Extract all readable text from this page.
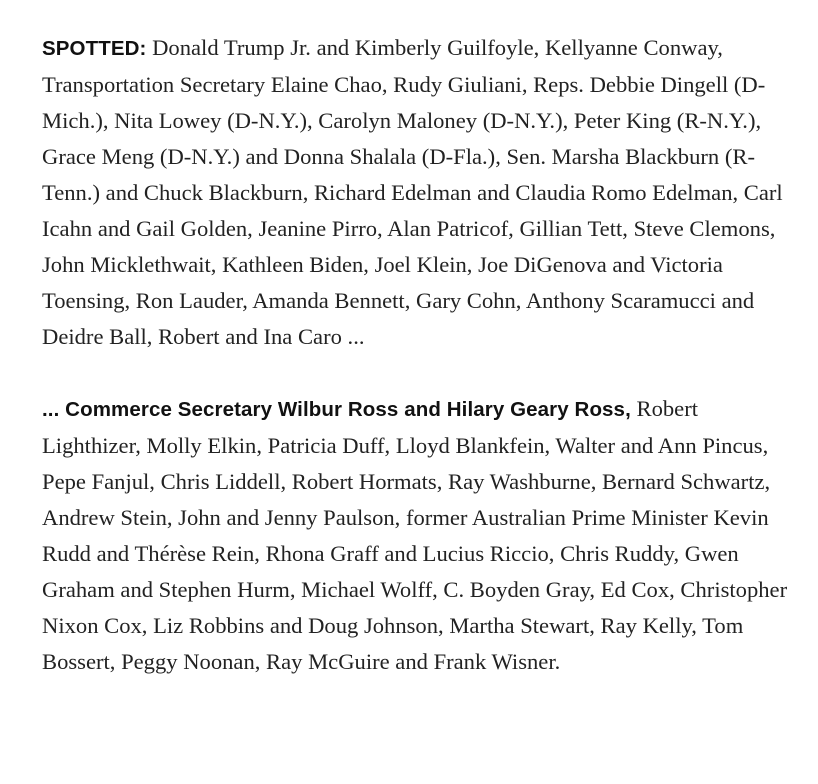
SPOTTED: Donald Trump Jr. and Kimberly Guilfoyle, Kellyanne Conway, Transportation Secretary Elaine Chao, Rudy Giuliani, Reps. Debbie Dingell (D-Mich.), Nita Lowey (D-N.Y.), Carolyn Maloney (D-N.Y.), Peter King (R-N.Y.), Grace Meng (D-N.Y.) and Donna Shalala (D-Fla.), Sen. Marsha Blackburn (R-Tenn.) and Chuck Blackburn, Richard Edelman and Claudia Romo Edelman, Carl Icahn and Gail Golden, Jeanine Pirro, Alan Patricof, Gillian Tett, Steve Clemons, John Micklethwait, Kathleen Biden, Joel Klein, Joe DiGenova and Victoria Toensing, Ron Lauder, Amanda Bennett, Gary Cohn, Anthony Scaramucci and Deidre Ball, Robert and Ina Caro ...

... Commerce Secretary Wilbur Ross and Hilary Geary Ross, Robert Lighthizer, Molly Elkin, Patricia Duff, Lloyd Blankfein, Walter and Ann Pincus, Pepe Fanjul, Chris Liddell, Robert Hormats, Ray Washburne, Bernard Schwartz, Andrew Stein, John and Jenny Paulson, former Australian Prime Minister Kevin Rudd and Thérèse Rein, Rhona Graff and Lucius Riccio, Chris Ruddy, Gwen Graham and Stephen Hurm, Michael Wolff, C. Boyden Gray, Ed Cox, Christopher Nixon Cox, Liz Robbins and Doug Johnson, Martha Stewart, Ray Kelly, Tom Bossert, Peggy Noonan, Ray McGuire and Frank Wisner.
